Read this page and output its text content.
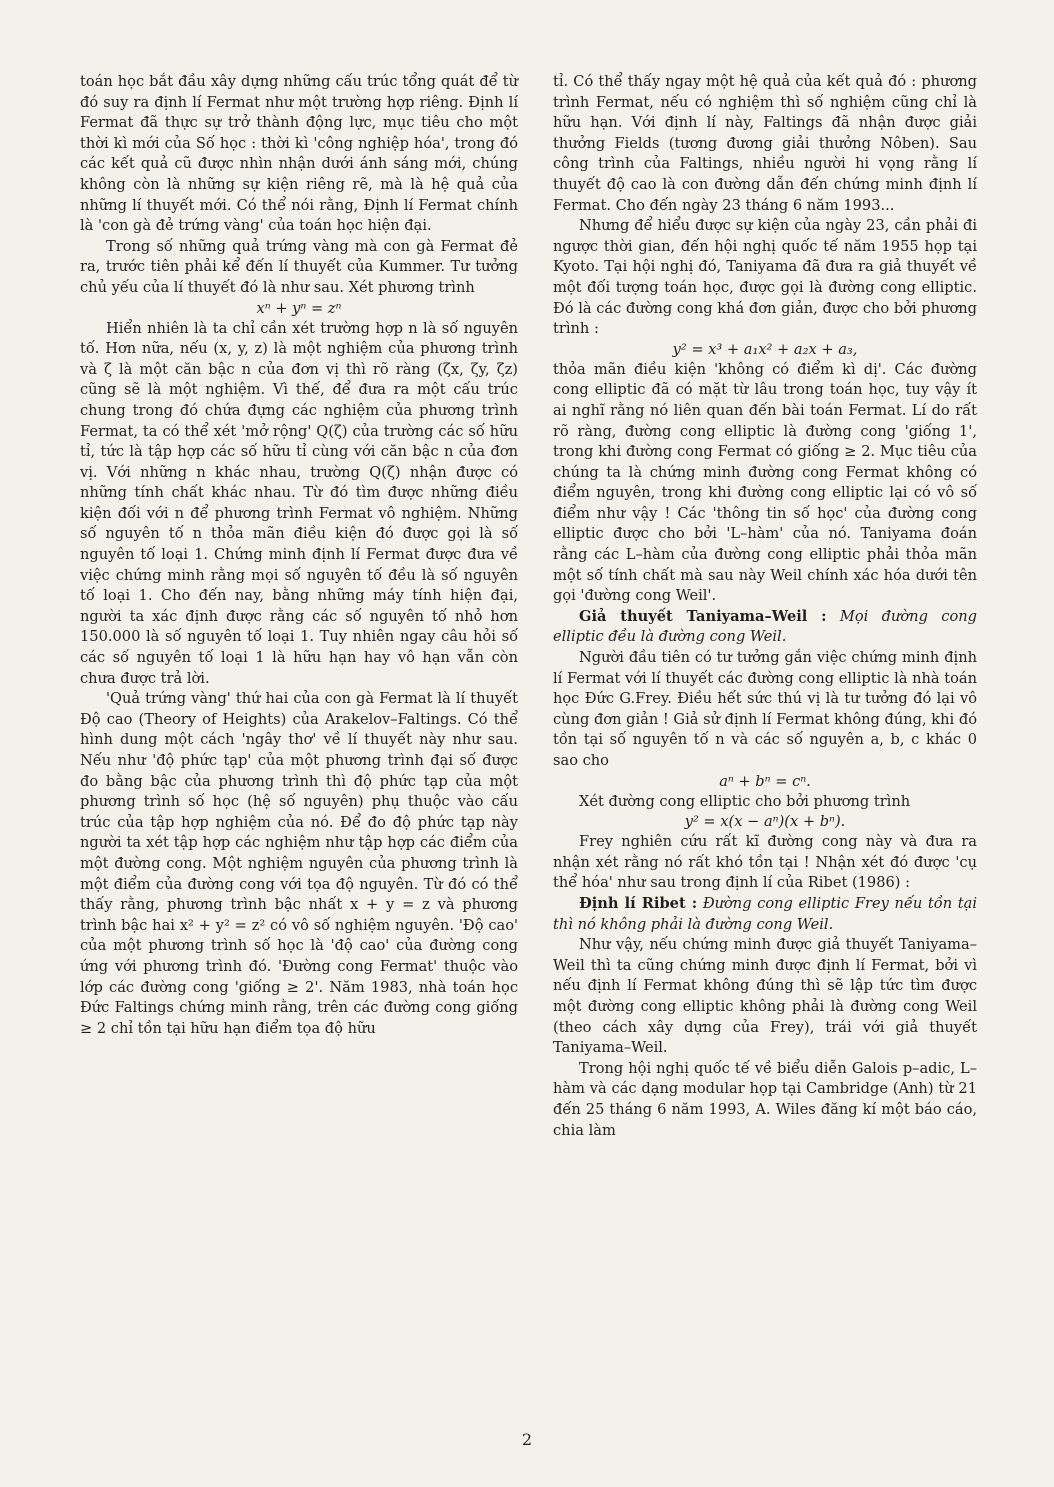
toán học bắt đầu xây dựng những cấu trúc tổng quát để từ đó suy ra định lí Fermat như một trường hợp riêng. Định lí Fermat đã thực sự trở thành động lực, mục tiêu cho một thời kì mới của Số học : thời kì 'công nghiệp hóa', trong đó các kết quả cũ được nhìn nhận dưới ánh sáng mới, chúng không còn là những sự kiện riêng rẽ, mà là hệ quả của những lí thuyết mới. Có thể nói rằng, Định lí Fermat chính là 'con gà đẻ trứng vàng' của toán học hiện đại.

Trong số những quả trứng vàng mà con gà Fermat đẻ ra, trước tiên phải kể đến lí thuyết của Kummer. Tư tưởng chủ yếu của lí thuyết đó là như sau. Xét phương trình

xⁿ + yⁿ = zⁿ

Hiển nhiên là ta chỉ cần xét trường hợp n là số nguyên tố. Hơn nữa, nếu (x, y, z) là một nghiệm của phương trình và ζ là một căn bậc n của đơn vị thì rõ ràng (ζx, ζy, ζz) cũng sẽ là một nghiệm. Vì thế, để đưa ra một cấu trúc chung trong đó chứa đựng các nghiệm của phương trình Fermat, ta có thể xét 'mở rộng' Q(ζ) của trường các số hữu tỉ, tức là tập hợp các số hữu tỉ cùng với căn bậc n của đơn vị. Với những n khác nhau, trường Q(ζ) nhận được có những tính chất khác nhau. Từ đó tìm được những điều kiện đối với n để phương trình Fermat vô nghiệm. Những số nguyên tố n thỏa mãn điều kiện đó được gọi là số nguyên tố loại 1. Chứng minh định lí Fermat được đưa về việc chứng minh rằng mọi số nguyên tố đều là số nguyên tố loại 1. Cho đến nay, bằng những máy tính hiện đại, người ta xác định được rằng các số nguyên tố nhỏ hơn 150.000 là số nguyên tố loại 1. Tuy nhiên ngay câu hỏi số các số nguyên tố loại 1 là hữu hạn hay vô hạn vẫn còn chưa được trả lời.

'Quả trứng vàng' thứ hai của con gà Fermat là lí thuyết Độ cao (Theory of Heights) của Arakelov–Faltings. Có thể hình dung một cách 'ngây thơ' về lí thuyết này như sau. Nếu như 'độ phức tạp' của một phương trình đại số được đo bằng bậc của phương trình thì độ phức tạp của một phương trình số học (hệ số nguyên) phụ thuộc vào cấu trúc của tập hợp nghiệm của nó. Để đo độ phức tạp này người ta xét tập hợp các nghiệm như tập hợp các điểm của một đường cong. Một nghiệm nguyên của phương trình là một điểm của đường cong với tọa độ nguyên. Từ đó có thể thấy rằng, phương trình bậc nhất x + y = z và phương trình bậc hai x² + y² = z² có vô số nghiệm nguyên. 'Độ cao' của một phương trình số học là 'độ cao' của đường cong ứng với phương trình đó. 'Đường cong Fermat' thuộc vào lớp các đường cong 'giống ≥ 2'. Năm 1983, nhà toán học Đức Faltings chứng minh rằng, trên các đường cong giống ≥ 2 chỉ tồn tại hữu hạn điểm tọa độ hữu

tỉ. Có thể thấy ngay một hệ quả của kết quả đó : phương trình Fermat, nếu có nghiệm thì số nghiệm cũng chỉ là hữu hạn. Với định lí này, Faltings đã nhận được giải thưởng Fields (tương đương giải thưởng Nôben). Sau công trình của Faltings, nhiều người hi vọng rằng lí thuyết độ cao là con đường dẫn đến chứng minh định lí Fermat. Cho đến ngày 23 tháng 6 năm 1993...

Nhưng để hiểu được sự kiện của ngày 23, cần phải đi ngược thời gian, đến hội nghị quốc tế năm 1955 họp tại Kyoto. Tại hội nghị đó, Taniyama đã đưa ra giả thuyết về một đối tượng toán học, được gọi là đường cong elliptic. Đó là các đường cong khá đơn giản, được cho bởi phương trình :

y² = x³ + a₁x² + a₂x + a₃,

thỏa mãn điều kiện 'không có điểm kì dị'. Các đường cong elliptic đã có mặt từ lâu trong toán học, tuy vậy ít ai nghĩ rằng nó liên quan đến bài toán Fermat. Lí do rất rõ ràng, đường cong elliptic là đường cong 'giống 1', trong khi đường cong Fermat có giống ≥ 2. Mục tiêu của chúng ta là chứng minh đường cong Fermat không có điểm nguyên, trong khi đường cong elliptic lại có vô số điểm như vậy ! Các 'thông tin số học' của đường cong elliptic được cho bởi 'L–hàm' của nó. Taniyama đoán rằng các L–hàm của đường cong elliptic phải thỏa mãn một số tính chất mà sau này Weil chính xác hóa dưới tên gọi 'đường cong Weil'.

Giả thuyết Taniyama–Weil : Mọi đường cong elliptic đều là đường cong Weil.

Người đầu tiên có tư tưởng gắn việc chứng minh định lí Fermat với lí thuyết các đường cong elliptic là nhà toán học Đức G.Frey. Điều hết sức thú vị là tư tưởng đó lại vô cùng đơn giản ! Giả sử định lí Fermat không đúng, khi đó tồn tại số nguyên tố n và các số nguyên a, b, c khác 0 sao cho

aⁿ + bⁿ = cⁿ.

Xét đường cong elliptic cho bởi phương trình

y² = x(x − aⁿ)(x + bⁿ).

Frey nghiên cứu rất kĩ đường cong này và đưa ra nhận xét rằng nó rất khó tồn tại ! Nhận xét đó được 'cụ thể hóa' như sau trong định lí của Ribet (1986) :

Định lí Ribet : Đường cong elliptic Frey nếu tồn tại thì nó không phải là đường cong Weil.

Như vậy, nếu chứng minh được giả thuyết Taniyama–Weil thì ta cũng chứng minh được định lí Fermat, bởi vì nếu định lí Fermat không đúng thì sẽ lập tức tìm được một đường cong elliptic không phải là đường cong Weil (theo cách xây dựng của Frey), trái với giả thuyết Taniyama–Weil.

Trong hội nghị quốc tế về biểu diễn Galois p–adic, L–hàm và các dạng modular họp tại Cambridge (Anh) từ 21 đến 25 tháng 6 năm 1993, A. Wiles đăng kí một báo cáo, chia làm

2
